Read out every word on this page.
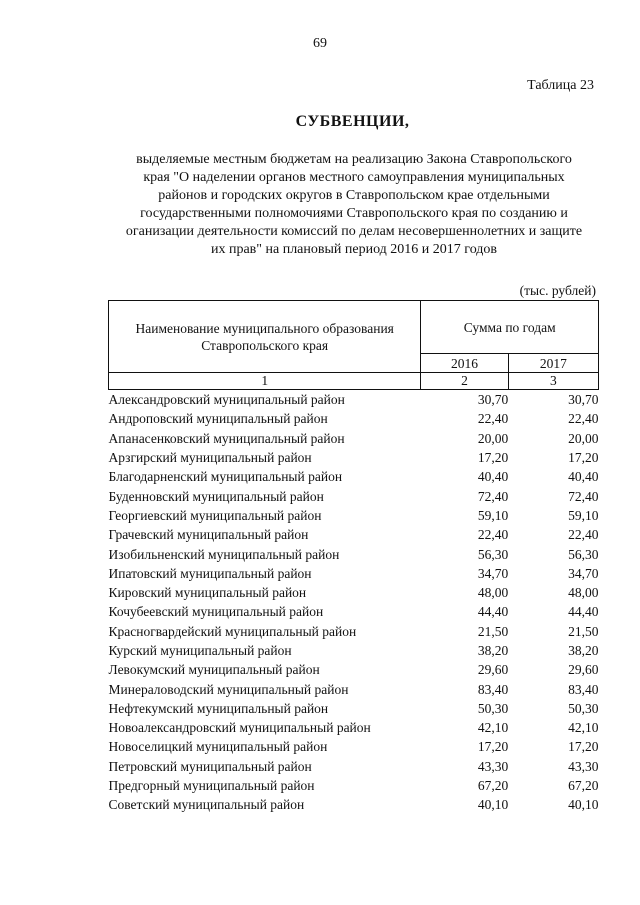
69
Таблица 23
СУБВЕНЦИИ,
выделяемые местным бюджетам на реализацию Закона Ставропольского
края "О наделении органов местного самоуправления муниципальных
районов и городских округов в Ставропольском крае отдельными
государственными полномочиями Ставропольского края по созданию и
оганизации деятельности комиссий по делам несовершеннолетних и защите
их прав" на плановый период 2016 и 2017 годов
(тыс. рублей)
Наименование муниципального образования Ставропольского края	Сумма по годам	
	2016	2017
1	2	3
Александровский муниципальный район	30,70	30,70
Андроповский муниципальный район	22,40	22,40
Апанасенковский муниципальный район	20,00	20,00
Арзгирский муниципальный район	17,20	17,20
Благодарненский муниципальный район	40,40	40,40
Буденновский муниципальный район	72,40	72,40
Георгиевский муниципальный район	59,10	59,10
Грачевский муниципальный район	22,40	22,40
Изобильненский муниципальный район	56,30	56,30
Ипатовский муниципальный район	34,70	34,70
Кировский муниципальный район	48,00	48,00
Кочубеевский муниципальный район	44,40	44,40
Красногвардейский муниципальный район	21,50	21,50
Курский муниципальный район	38,20	38,20
Левокумский муниципальный район	29,60	29,60
Минераловодский муниципальный район	83,40	83,40
Нефтекумский муниципальный район	50,30	50,30
Новоалександровский муниципальный район	42,10	42,10
Новоселицкий муниципальный район	17,20	17,20
Петровский муниципальный район	43,30	43,30
Предгорный муниципальный район	67,20	67,20
Советский муниципальный район	40,10	40,10
